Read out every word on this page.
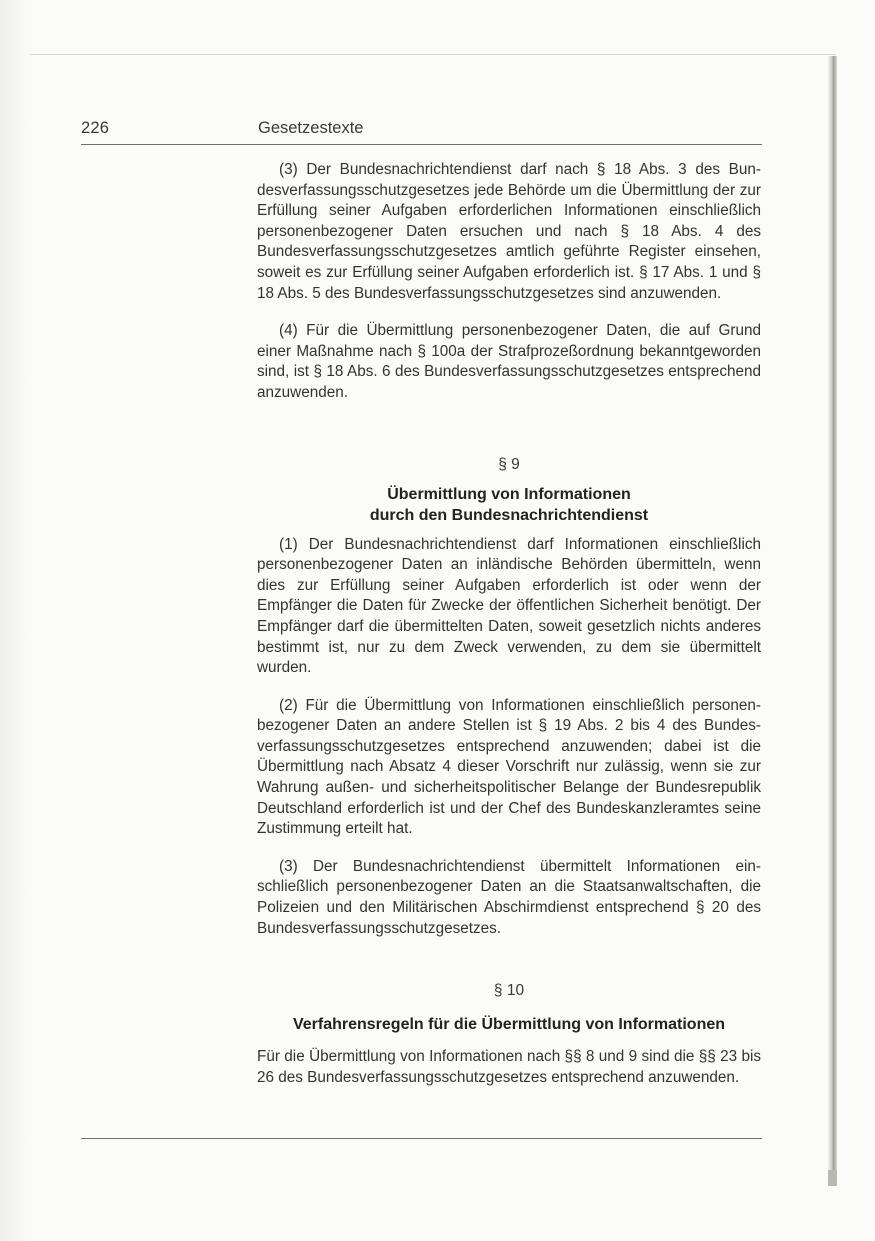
226	Gesetzestexte

(3) Der Bundesnachrichtendienst darf nach § 18 Abs. 3 des Bundesverfassungsschutzgesetzes jede Behörde um die Übermittlung der zur Erfüllung seiner Aufgaben erforderlichen Informationen einschließlich personenbezogener Daten ersuchen und nach § 18 Abs. 4 des Bundesverfassungsschutzgesetzes amtlich geführte Register einsehen, soweit es zur Erfüllung seiner Aufgaben erforderlich ist. § 17 Abs. 1 und § 18 Abs. 5 des Bundesverfassungsschutzgesetzes sind anzuwenden.

(4) Für die Übermittlung personenbezogener Daten, die auf Grund einer Maßnahme nach § 100a der Strafprozeßordnung bekanntgeworden sind, ist § 18 Abs. 6 des Bundesverfassungsschutzgesetzes entsprechend anzuwenden.

§ 9

Übermittlung von Informationen

durch den Bundesnachrichtendienst

(1) Der Bundesnachrichtendienst darf Informationen einschließlich personenbezogener Daten an inländische Behörden übermitteln, wenn dies zur Erfüllung seiner Aufgaben erforderlich ist oder wenn der Empfänger die Daten für Zwecke der öffentlichen Sicherheit benötigt. Der Empfänger darf die übermittelten Daten, soweit gesetzlich nichts anderes bestimmt ist, nur zu dem Zweck verwenden, zu dem sie übermittelt wurden.

(2) Für die Übermittlung von Informationen einschließlich personenbezogener Daten an andere Stellen ist § 19 Abs. 2 bis 4 des Bundesverfassungsschutzgesetzes entsprechend anzuwenden; dabei ist die Übermittlung nach Absatz 4 dieser Vorschrift nur zulässig, wenn sie zur Wahrung außen- und sicherheitspolitischer Belange der Bundesrepublik Deutschland erforderlich ist und der Chef des Bundeskanzleramtes seine Zustimmung erteilt hat.

(3) Der Bundesnachrichtendienst übermittelt Informationen einschließlich personenbezogener Daten an die Staatsanwaltschaften, die Polizeien und den Militärischen Abschirmdienst entsprechend § 20 des Bundesverfassungsschutzgesetzes.

§ 10

Verfahrensregeln für die Übermittlung von Informationen

Für die Übermittlung von Informationen nach §§ 8 und 9 sind die §§ 23 bis 26 des Bundesverfassungsschutzgesetzes entsprechend anzuwenden.
